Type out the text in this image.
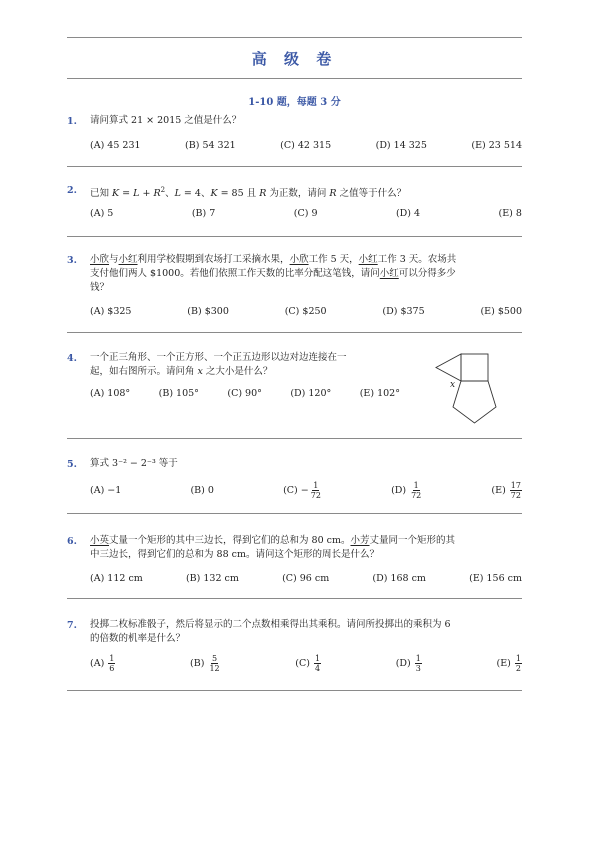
高 级 卷
1-10 题，每题 3 分
1. 请问算式 21 × 2015 之值是什么？
(A) 45 231	(B) 54 321	(C) 42 315	(D) 14 325	(E) 23 514
2. 已知 $K = L + R^2$、L = 4、K = 85 且 R 为正数，请问 R 之值等于什么？
(A) 5	(B) 7	(C) 9	(D) 4	(E) 8
3. 小欣与小红利用学校假期到农场打工采摘水果，小欣工作 5 天，小红工作 3 天。农场共
支付他们两人 $1000。若他们依照工作天数的比率分配这笔钱，请问小红可以分得多少
钱？
(A) $325	(B) $300	(C) $250	(D) $375	(E) $500
4. 一个正三角形、一个正方形、一个正五边形以边对边连接在一
起，如右图所示。请问角 x 之大小是什么？
(A) 108°	(B) 105°	(C) 90°	(D) 120°	(E) 102°
x
5. 算式 3⁻² − 2⁻³ 等于
(A) −1	(B) 0	$(C) - \frac{1}{72}$	$(D) \frac{1}{72}$	$(E) \frac{17}{72}$
6. 小英丈量一个矩形的其中三边长，得到它们的总和为 80 cm。小芳丈量同一个矩形的其
中三边长，得到它们的总和为 88 cm。请问这个矩形的周长是什么？
(A) 112 cm	(B) 132 cm	(C) 96 cm	(D) 168 cm	(E) 156 cm
7. 投掷二枚标准骰子，然后将显示的二个点数相乘得出其乘积。请问所投掷出的乘积为 6
的倍数的机率是什么？
$(A) \frac{1}{6}$	$(B) \frac{5}{12}$	$(C) \frac{1}{4}$	$(D) \frac{1}{3}$	$(E) \frac{1}{2}$
